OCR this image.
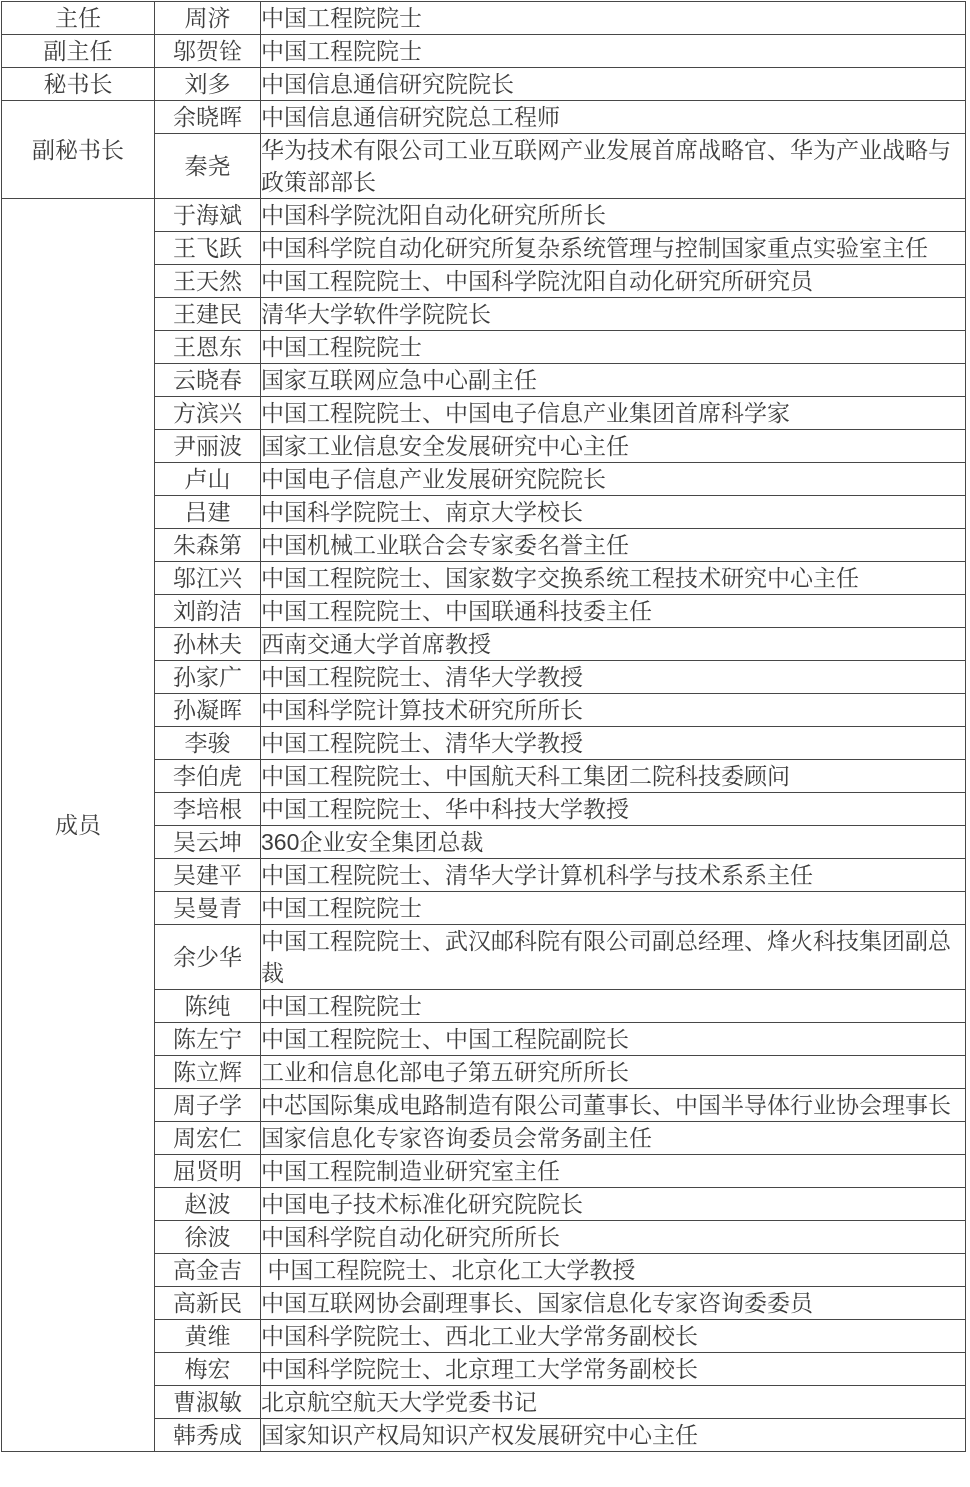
主任	周济	中国工程院院士
副主任	邬贺铨	中国工程院院士
秘书长	刘多	中国信息通信研究院院长
副秘书长	余晓晖	中国信息通信研究院总工程师
	秦尧	华为技术有限公司工业互联网产业发展首席战略官、华为产业战略与政策部部长
成员	于海斌	中国科学院沈阳自动化研究所所长
	王飞跃	中国科学院自动化研究所复杂系统管理与控制国家重点实验室主任
	王天然	中国工程院院士、中国科学院沈阳自动化研究所研究员
	王建民	清华大学软件学院院长
	王恩东	中国工程院院士
	云晓春	国家互联网应急中心副主任
	方滨兴	中国工程院院士、中国电子信息产业集团首席科学家
	尹丽波	国家工业信息安全发展研究中心主任
	卢山	中国电子信息产业发展研究院院长
	吕建	中国科学院院士、南京大学校长
	朱森第	中国机械工业联合会专家委名誉主任
	邬江兴	中国工程院院士、国家数字交换系统工程技术研究中心主任
	刘韵洁	中国工程院院士、中国联通科技委主任
	孙林夫	西南交通大学首席教授
	孙家广	中国工程院院士、清华大学教授
	孙凝晖	中国科学院计算技术研究所所长
	李骏	中国工程院院士、清华大学教授
	李伯虎	中国工程院院士、中国航天科工集团二院科技委顾问
	李培根	中国工程院院士、华中科技大学教授
	吴云坤	360企业安全集团总裁
	吴建平	中国工程院院士、清华大学计算机科学与技术系系主任
	吴曼青	中国工程院院士
	余少华	中国工程院院士、武汉邮科院有限公司副总经理、烽火科技集团副总裁
	陈纯	中国工程院院士
	陈左宁	中国工程院院士、中国工程院副院长
	陈立辉	工业和信息化部电子第五研究所所长
	周子学	中芯国际集成电路制造有限公司董事长、中国半导体行业协会理事长
	周宏仁	国家信息化专家咨询委员会常务副主任
	屈贤明	中国工程院制造业研究室主任
	赵波	中国电子技术标准化研究院院长
	徐波	中国科学院自动化研究所所长
	高金吉	中国工程院院士、北京化工大学教授
	高新民	中国互联网协会副理事长、国家信息化专家咨询委委员
	黄维	中国科学院院士、西北工业大学常务副校长
	梅宏	中国科学院院士、北京理工大学常务副校长
	曹淑敏	北京航空航天大学党委书记
	韩秀成	国家知识产权局知识产权发展研究中心主任
